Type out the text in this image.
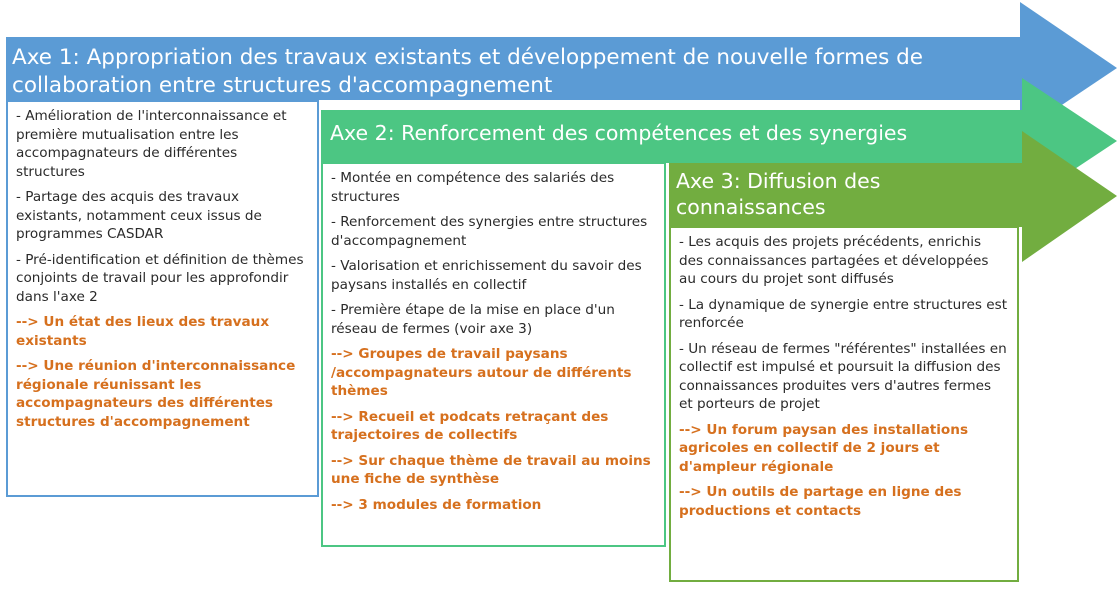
Axe 1: Appropriation des travaux existants et développement de nouvelle formes de collaboration entre structures d'accompagnement
Axe 2: Renforcement des compétences et des synergies
Axe 3: Diffusion des connaissances

- Amélioration de l'interconnaissance et première mutualisation entre les accompagnateurs de différentes structures

- Partage des acquis des travaux existants, notamment ceux issus de programmes CASDAR

- Pré-identification et définition de thèmes conjoints de travail pour les approfondir dans l'axe 2

--> Un état des lieux des travaux existants

--> Une réunion d'interconnaissance régionale réunissant les accompagnateurs des différentes structures d'accompagnement

- Montée en compétence des salariés des structures

- Renforcement des synergies entre structures d'accompagnement

- Valorisation et enrichissement du savoir des paysans installés en collectif

- Première étape de la mise en place d'un réseau de fermes (voir axe 3)

--> Groupes de travail paysans /accompagnateurs autour de différents thèmes

--> Recueil et podcats retraçant des trajectoires de collectifs

--> Sur chaque thème de travail au moins une fiche de synthèse

--> 3 modules de formation

- Les acquis des projets précédents, enrichis des connaissances partagées et développées au cours du projet sont diffusés

- La dynamique de synergie entre structures est renforcée

- Un réseau de fermes "référentes" installées en collectif est impulsé et poursuit la diffusion des connaissances produites vers d'autres fermes et porteurs de projet

--> Un forum paysan des installations agricoles en collectif de 2 jours et d'ampleur régionale

--> Un outils de partage en ligne des productions et contacts
